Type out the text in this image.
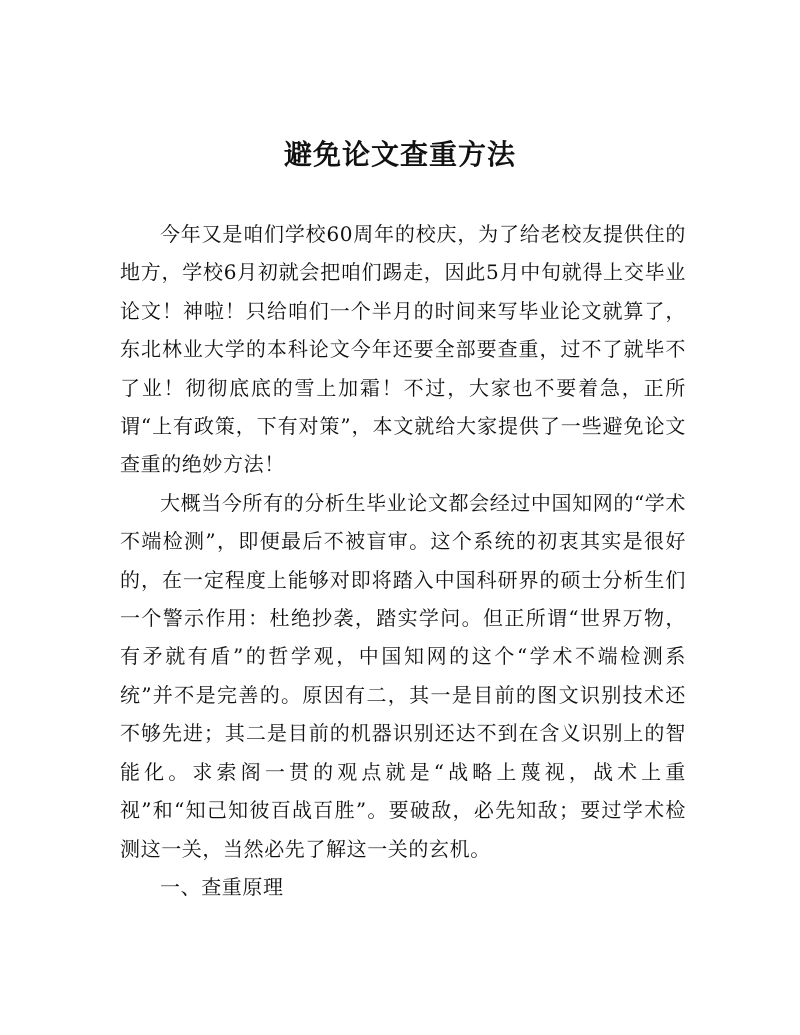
避免论文查重方法

今年又是咱们学校60周年的校庆，为了给老校友提供住的地方，学校6月初就会把咱们踢走，因此5月中旬就得上交毕业论文！神啦！只给咱们一个半月的时间来写毕业论文就算了，东北林业大学的本科论文今年还要全部要查重，过不了就毕不了业！彻彻底底的雪上加霜！不过，大家也不要着急，正所谓“上有政策，下有对策”，本文就给大家提供了一些避免论文查重的绝妙方法！

大概当今所有的分析生毕业论文都会经过中国知网的“学术不端检测”，即便最后不被盲审。这个系统的初衷其实是很好的，在一定程度上能够对即将踏入中国科研界的硕士分析生们一个警示作用：杜绝抄袭，踏实学问。但正所谓“世界万物，有矛就有盾”的哲学观，中国知网的这个“学术不端检测系统”并不是完善的。原因有二，其一是目前的图文识别技术还不够先进；其二是目前的机器识别还达不到在含义识别上的智能化。求索阁一贯的观点就是“战略上蔑视，战术上重视”和“知己知彼百战百胜”。要破敌，必先知敌；要过学术检测这一关，当然必先了解这一关的玄机。

一、查重原理
